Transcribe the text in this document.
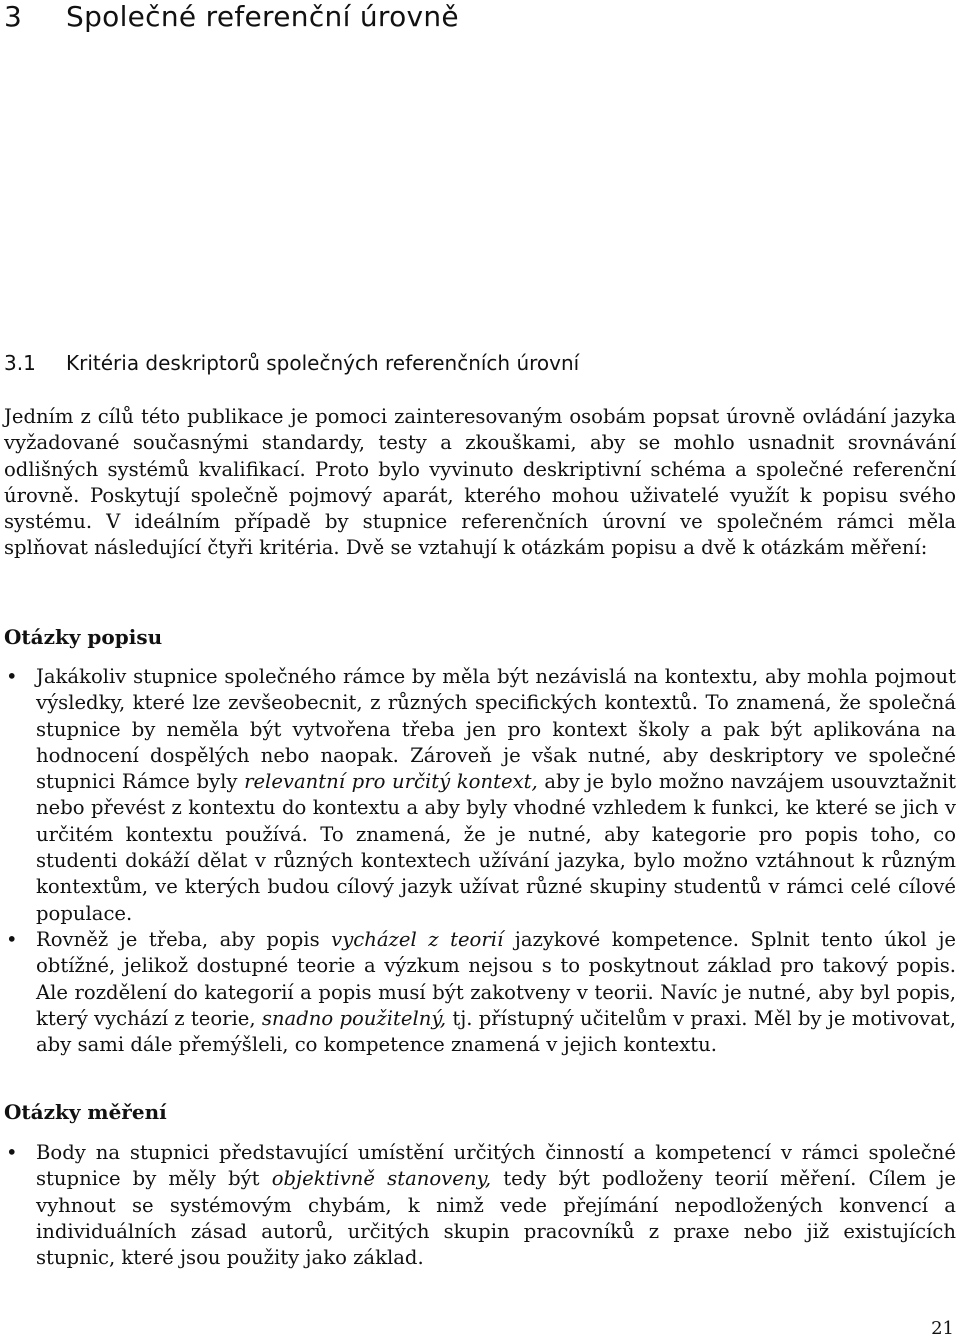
3 Společné referenční úrovně
3.1 Kritéria deskriptorů společných referenčních úrovní

Jedním z cílů této publikace je pomoci zainteresovaným osobám popsat úrovně ovládání jazyka vyžadované současnými standardy, testy a zkouškami, aby se mohlo usnadnit srovnávání odlišných systémů kvalifikací. Proto bylo vyvinuto deskriptivní schéma a společné referenční úrovně. Poskytují společně pojmový aparát, kterého mohou uživatelé využít k popisu svého systému. V ideálním případě by stupnice referenčních úrovní ve společném rámci měla splňovat následující čtyři kritéria. Dvě se vztahují k otázkám popisu a dvě k otázkám měření:

Otázky popisu
• Jakákoliv stupnice společného rámce by měla být nezávislá na kontextu, aby mohla pojmout výsledky, které lze zevšeobecnit, z různých specifických kontextů. To znamená, že společná stupnice by neměla být vytvořena třeba jen pro kontext školy a pak být aplikována na hodnocení dospělých nebo naopak. Zároveň je však nutné, aby deskriptory ve společné stupnici Rámce byly relevantní pro určitý kontext, aby je bylo možno navzájem usouvztažnit nebo převést z kontextu do kontextu a aby byly vhodné vzhledem k funkci, ke které se jich v určitém kontextu používá. To znamená, že je nutné, aby kategorie pro popis toho, co studenti dokáží dělat v různých kontextech užívání jazyka, bylo možno vztáhnout k různým kontextům, ve kterých budou cílový jazyk užívat různé skupiny studentů v rámci celé cílové populace.
• Rovněž je třeba, aby popis vycházel z teorií jazykové kompetence. Splnit tento úkol je obtížné, jelikož dostupné teorie a výzkum nejsou s to poskytnout základ pro takový popis. Ale rozdělení do kategorií a popis musí být zakotveny v teorii. Navíc je nutné, aby byl popis, který vychází z teorie, snadno použitelný, tj. přístupný učitelům v praxi. Měl by je motivovat, aby sami dále přemýšleli, co kompetence znamená v jejich kontextu.
Otázky měření
• Body na stupnici představující umístění určitých činností a kompetencí v rámci společné stupnice by měly být objektivně stanoveny, tedy být podloženy teorií měření. Cílem je vyhnout se systémovým chybám, k nimž vede přejímání nepodložených konvencí a individuálních zásad autorů, určitých skupin pracovníků z praxe nebo již existujících stupnic, které jsou použity jako základ.
21
